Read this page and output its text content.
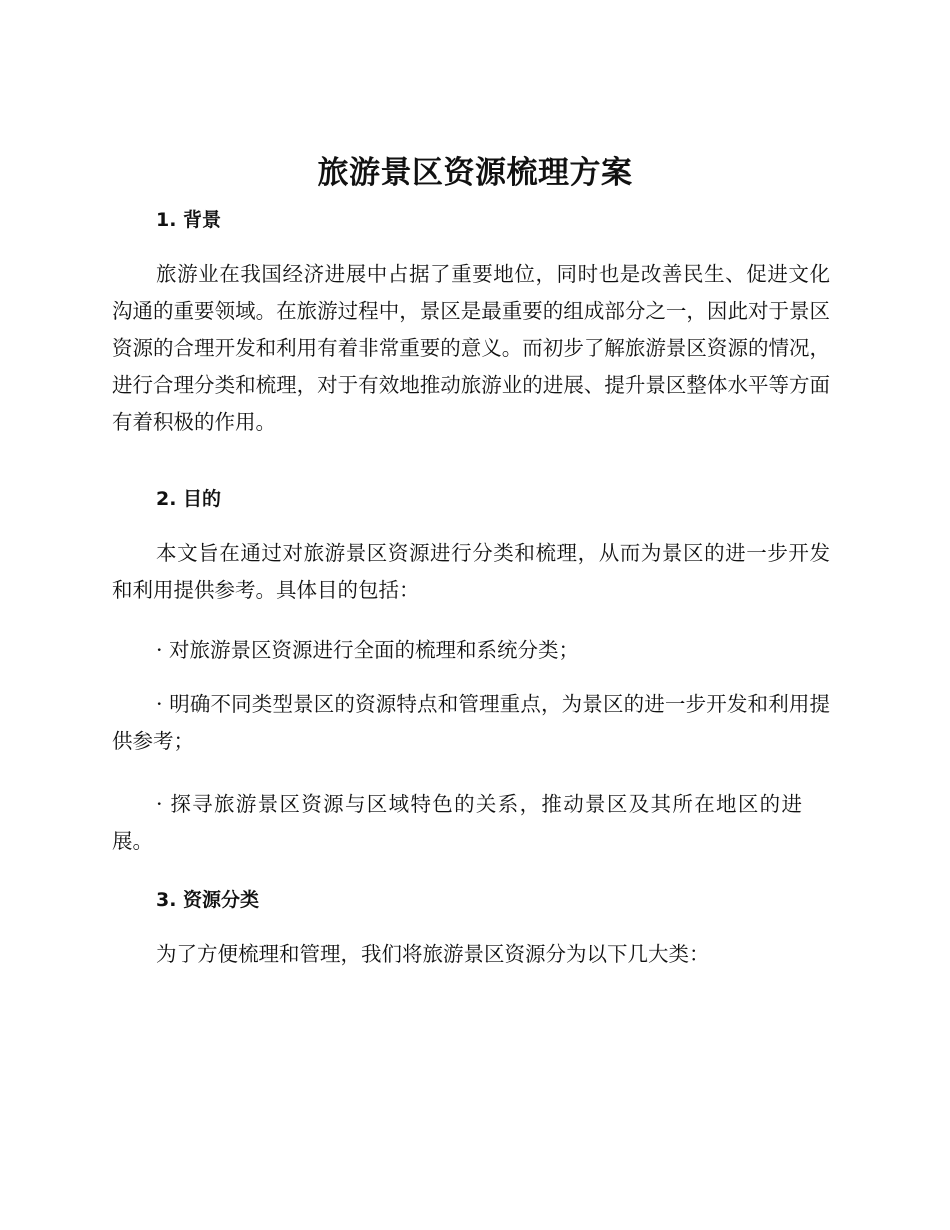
旅游景区资源梳理方案
1. 背景

旅游业在我国经济进展中占据了重要地位，同时也是改善民生、促进文化沟通的重要领域。在旅游过程中，景区是最重要的组成部分之一，因此对于景区资源的合理开发和利用有着非常重要的意义。而初步了解旅游景区资源的情况，进行合理分类和梳理，对于有效地推动旅游业的进展、提升景区整体水平等方面有着积极的作用。

2. 目的

本文旨在通过对旅游景区资源进行分类和梳理，从而为景区的进一步开发和利用提供参考。具体目的包括：

· 对旅游景区资源进行全面的梳理和系统分类；

· 明确不同类型景区的资源特点和管理重点，为景区的进一步开发和利用提供参考；

· 探寻旅游景区资源与区域特色的关系，推动景区及其所在地区的进展。

3. 资源分类

为了方便梳理和管理，我们将旅游景区资源分为以下几大类：
